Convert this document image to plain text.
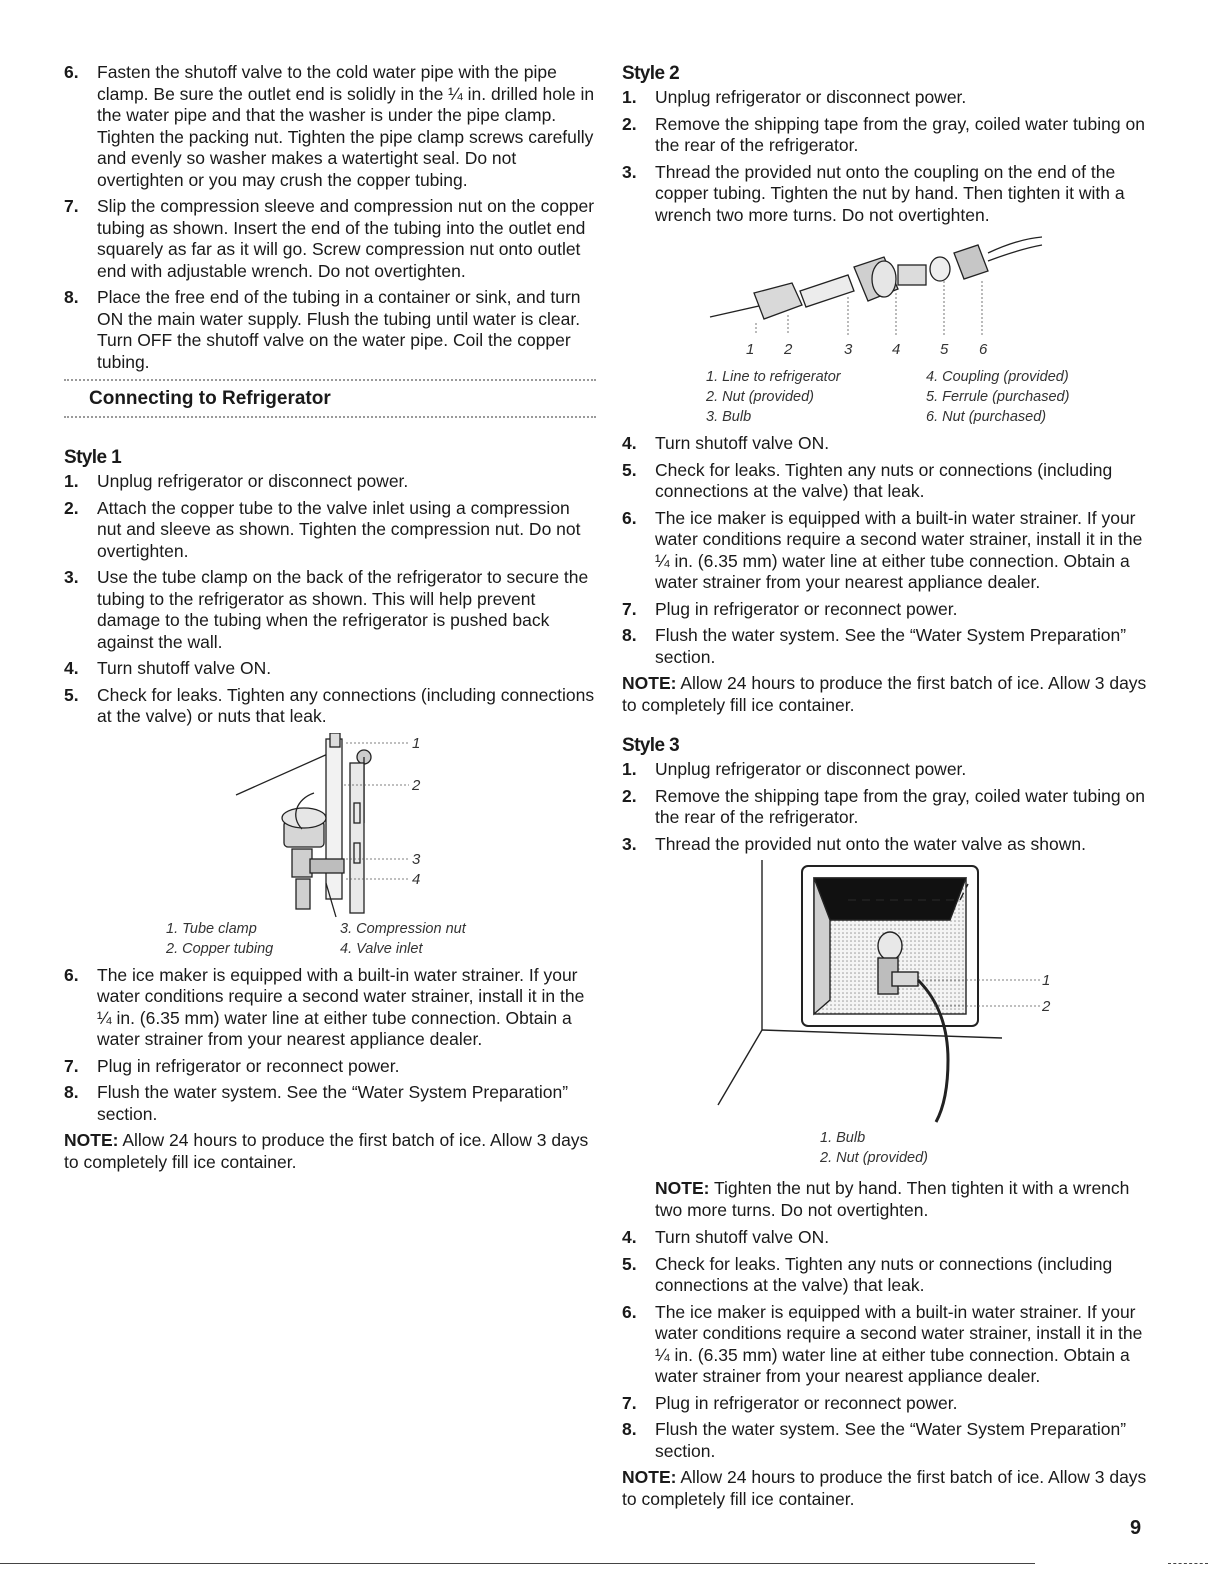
6. Fasten the shutoff valve to the cold water pipe with the pipe clamp. Be sure the outlet end is solidly in the ¼ in. drilled hole in the water pipe and that the washer is under the pipe clamp. Tighten the packing nut. Tighten the pipe clamp screws carefully and evenly so washer makes a watertight seal. Do not overtighten or you may crush the copper tubing.
7. Slip the compression sleeve and compression nut on the copper tubing as shown. Insert the end of the tubing into the outlet end squarely as far as it will go. Screw compression nut onto outlet end with adjustable wrench. Do not overtighten.
8. Place the free end of the tubing in a container or sink, and turn ON the main water supply. Flush the tubing until water is clear. Turn OFF the shutoff valve on the water pipe. Coil the copper tubing.
Connecting to Refrigerator
Style 1
1. Unplug refrigerator or disconnect power.
2. Attach the copper tube to the valve inlet using a compression nut and sleeve as shown. Tighten the compression nut. Do not overtighten.
3. Use the tube clamp on the back of the refrigerator to secure the tubing to the refrigerator as shown. This will help prevent damage to the tubing when the refrigerator is pushed back against the wall.
4. Turn shutoff valve ON.
5. Check for leaks. Tighten any connections (including connections at the valve) or nuts that leak.
1
2
3
4
1. Tube clamp	3. Compression nut
2. Copper tubing	4. Valve inlet
6. The ice maker is equipped with a built-in water strainer. If your water conditions require a second water strainer, install it in the ¼ in. (6.35 mm) water line at either tube connection. Obtain a water strainer from your nearest appliance dealer.
7. Plug in refrigerator or reconnect power.
8. Flush the water system. See the “Water System Preparation” section.

NOTE: Allow 24 hours to produce the first batch of ice. Allow 3 days to completely fill ice container.

Style 2
1. Unplug refrigerator or disconnect power.
2. Remove the shipping tape from the gray, coiled water tubing on the rear of the refrigerator.
3. Thread the provided nut onto the coupling on the end of the copper tubing. Tighten the nut by hand. Then tighten it with a wrench two more turns. Do not overtighten.
1 2	3	4	5 6
1. Line to refrigerator	4. Coupling (provided)
2. Nut (provided)	5. Ferrule (purchased)
3. Bulb	6. Nut (purchased)
4. Turn shutoff valve ON.
5. Check for leaks. Tighten any nuts or connections (including connections at the valve) that leak.
6. The ice maker is equipped with a built-in water strainer. If your water conditions require a second water strainer, install it in the ¼ in. (6.35 mm) water line at either tube connection. Obtain a water strainer from your nearest appliance dealer.
7. Plug in refrigerator or reconnect power.
8. Flush the water system. See the “Water System Preparation” section.

NOTE: Allow 24 hours to produce the first batch of ice. Allow 3 days to completely fill ice container.

Style 3
1. Unplug refrigerator or disconnect power.
2. Remove the shipping tape from the gray, coiled water tubing on the rear of the refrigerator.
3. Thread the provided nut onto the water valve as shown.
1
2
1. Bulb
2. Nut (provided)

NOTE: Tighten the nut by hand. Then tighten it with a wrench two more turns. Do not overtighten.

4. Turn shutoff valve ON.
5. Check for leaks. Tighten any nuts or connections (including connections at the valve) that leak.
6. The ice maker is equipped with a built-in water strainer. If your water conditions require a second water strainer, install it in the ¼ in. (6.35 mm) water line at either tube connection. Obtain a water strainer from your nearest appliance dealer.
7. Plug in refrigerator or reconnect power.
8. Flush the water system. See the “Water System Preparation” section.

NOTE: Allow 24 hours to produce the first batch of ice. Allow 3 days to completely fill ice container.

9
